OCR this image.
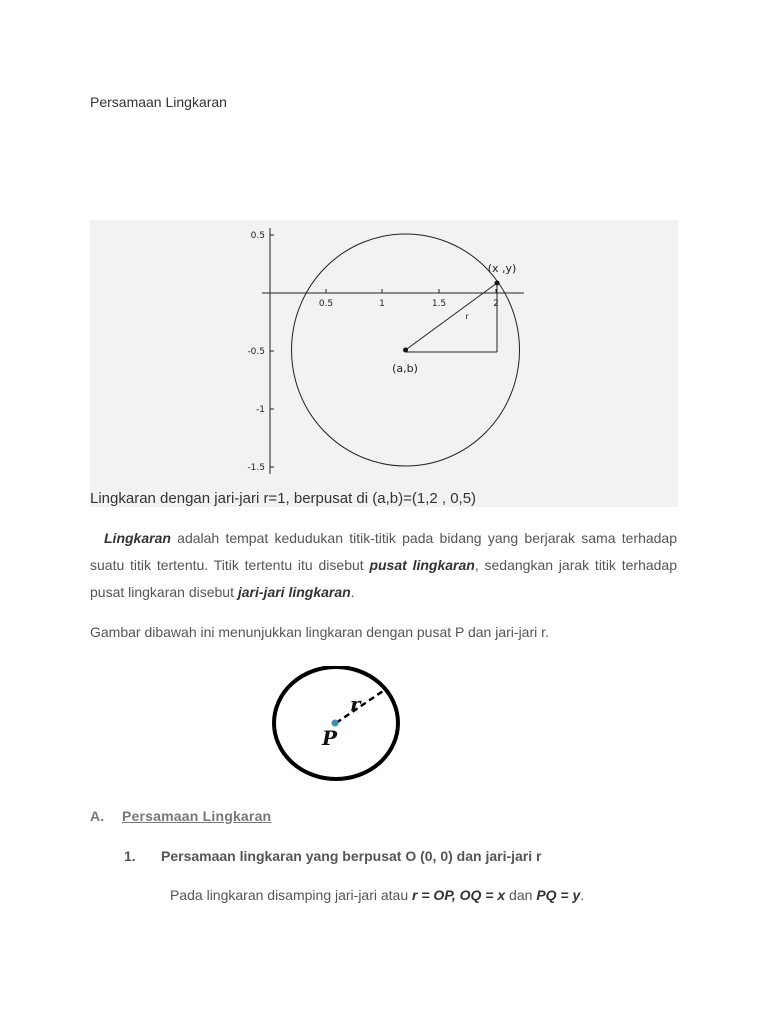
Persamaan Lingkaran
0.5	1	1.5	2
0.5
-0.5
-1
-1.5
(x ,y)
(a,b)
r
Lingkaran dengan jari-jari r=1, berpusat di (a,b)=(1,2 , 0,5)
Lingkaran adalah tempat kedudukan titik-titik pada bidang yang berjarak sama terhadap suatu titik tertentu. Titik tertentu itu disebut pusat lingkaran, sedangkan jarak titik terhadap pusat lingkaran disebut jari-jari lingkaran.
Gambar dibawah ini menunjukkan lingkaran dengan pusat P dan jari-jari r.
r
P
A. Persamaan Lingkaran
1. Persamaan lingkaran yang berpusat O (0, 0) dan jari-jari r
Pada lingkaran disamping jari-jari atau r = OP, OQ = x dan PQ = y.
